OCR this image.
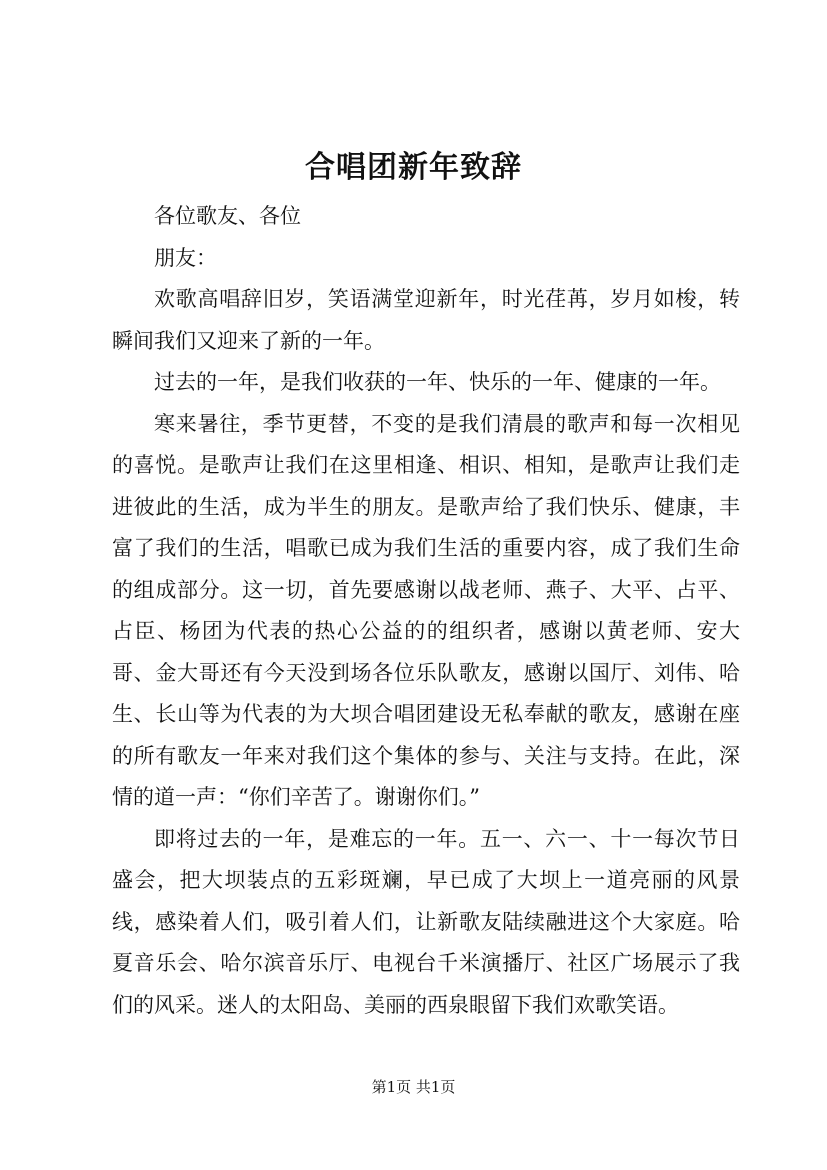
合唱团新年致辞

各位歌友、各位

朋友：

欢歌高唱辞旧岁，笑语满堂迎新年，时光荏苒，岁月如梭，转瞬间我们又迎来了新的一年。

过去的一年，是我们收获的一年、快乐的一年、健康的一年。

寒来暑往，季节更替，不变的是我们清晨的歌声和每一次相见的喜悦。是歌声让我们在这里相逢、相识、相知，是歌声让我们走进彼此的生活，成为半生的朋友。是歌声给了我们快乐、健康，丰富了我们的生活，唱歌已成为我们生活的重要内容，成了我们生命的组成部分。这一切，首先要感谢以战老师、燕子、大平、占平、占臣、杨团为代表的热心公益的的组织者，感谢以黄老师、安大哥、金大哥还有今天没到场各位乐队歌友，感谢以国厅、刘伟、哈生、长山等为代表的为大坝合唱团建设无私奉献的歌友，感谢在座的所有歌友一年来对我们这个集体的参与、关注与支持。在此，深情的道一声：“你们辛苦了。谢谢你们。”

即将过去的一年，是难忘的一年。五一、六一、十一每次节日盛会，把大坝装点的五彩斑斓，早已成了大坝上一道亮丽的风景线，感染着人们，吸引着人们，让新歌友陆续融进这个大家庭。哈夏音乐会、哈尔滨音乐厅、电视台千米演播厅、社区广场展示了我们的风采。迷人的太阳岛、美丽的西泉眼留下我们欢歌笑语。

第1页 共1页
